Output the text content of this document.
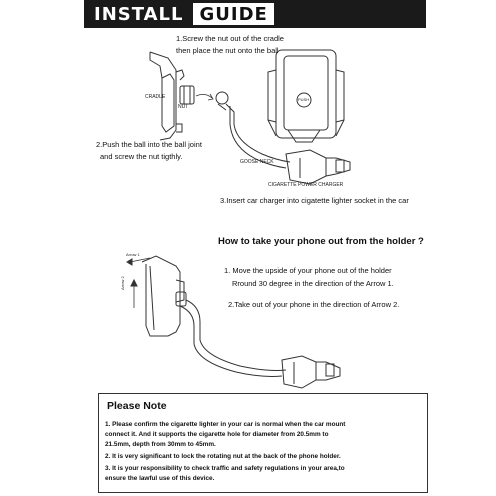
INSTALL GUIDE
1.Screw the nut out of the cradle
then place the nut onto the ball
2.Push the ball into the ball joint
and screw the nut tigthly.
3.Insert car charger into cigatette lighter socket in the car
CRADLE
NUT
GOOSE NECK
CIGARETTE POWER CHARGER
PUSH
Arrow 1
Arrow 2
How to take your phone out from the holder ?
1. Move the upside of your phone out of the holder
Rround 30 degree in the direction of the Arrow 1.
2.Take out of your phone in the direction of Arrow 2.
Please Note
1. Please confirm the cigarette lighter in your car is normal when the car mount
connect it. And it supports the cigarette hole for diameter from 20.5mm to
21.5mm, depth from 30mm to 45mm.
2. It is very significant to lock the rotating nut at the back of the phone holder.
3. It is your responsibility to check traffic and safety regulations in your area,to
ensure the lawful use of this device.
